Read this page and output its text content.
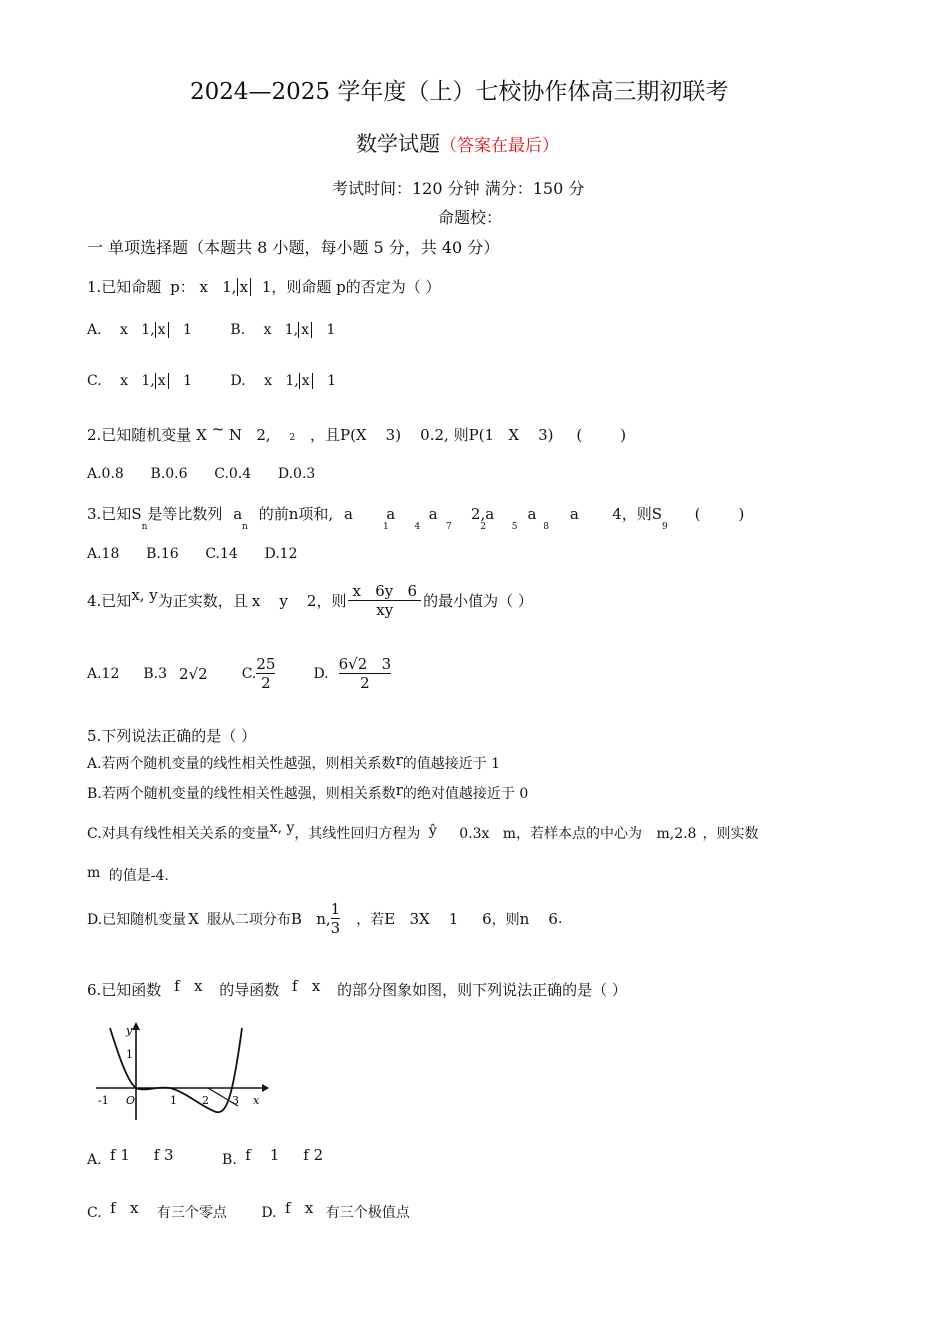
2024—2025 学年度（上）七校协作体高三期初联考
数学试题（答案在最后）
考试时间：120 分钟 满分：150 分
命题校：
一 单项选择题（本题共 8 小题，每小题 5 分，共 40 分）
1.已知命题 p： x   1, x 1，则命题 p的否定为（ ）
A. x   1, x 1	B. x   1, x 1
C. x   1, x 1	D. x   1, x 1
2.已知随机变量 X ~ N   2, 2 ，且P(X    3)    0.2, 则P(1   X    3) (        )
A.0.8      B.0.6      C.0.4      D.0.3
3.已知$S_n$是等比数列 $a_n$ 的前n项和, a       a       a       2,a       a       a       4，则$S_9$ (        )
1         4         7          2         5         8
A.18      B.16      C.14      D.12
4.已知 x, y 为正实数，且 x    y    2 ，则 $\frac{x 6y 6}{xy}$ 的最小值为（ ）
A.12 B.3 2√2 C. $\frac{25}{2}$	D. $\frac{6√2 3}{2}$
5.下列说法正确的是（ ）
A.若两个随机变量的线性相关性越强，则相关系数r的值越接近于 1
B.若两个随机变量的线性相关性越强，则相关系数r的绝对值越接近于 0
C.对具有线性相关关系的变量x, y，其线性回归方程为 ŷ 0.3x   m，若样本点的中心为 m,2.8 ，则实数
m 的值是-4.
D.已知随机变量 X 服从二项分布 B   n, $\frac{1}{3}$ ，若 E   3X    1     6 ，则 n    6 .
6.已知函数 f   x 的导函数 f   x 的部分图象如图，则下列说法正确的是（ ）
-1 O	1 2 3 x
y
1
A. f 1     f 3	B. f    1     f 2
C. f   x 有三个零点 D. f   x 有三个极值点
